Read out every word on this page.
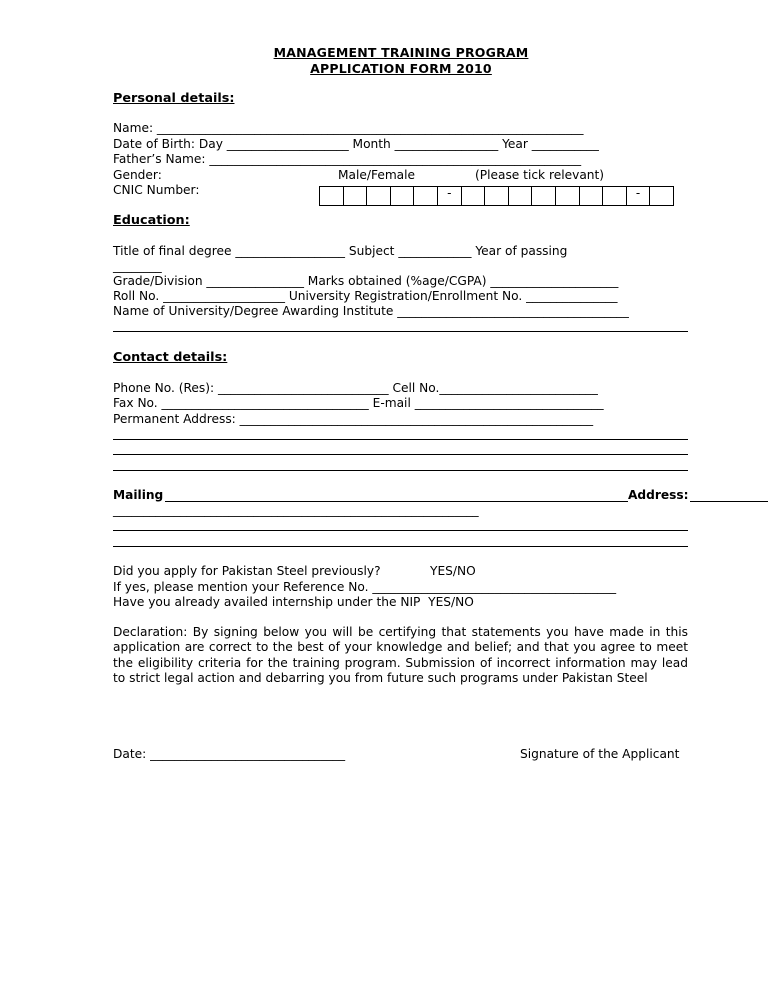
MANAGEMENT TRAINING PROGRAM
APPLICATION FORM 2010
Personal details:
Name: ______________________________________________________________________
Date of Birth: Day ____________________ Month _________________ Year ___________
Father’s Name: _____________________________________________________________
Gender:	Male/Female	(Please tick relevant)
CNIC Number:	-	-
Education:
Title of final degree __________________ Subject ____________ Year of passing
________
Grade/Division ________________ Marks obtained (%age/CGPA) _____________________
Roll No. ____________________ University Registration/Enrollment No. _______________
Name of University/Degree Awarding Institute ______________________________________
Contact details:
Phone No. (Res): ____________________________ Cell No.__________________________
Fax No. __________________________________ E-mail _______________________________
Permanent Address: __________________________________________________________
Mailing	Address:
____________________________________________________________
Did you apply for Pakistan Steel previously?	YES/NO
If yes, please mention your Reference No. ________________________________________
Have you already availed internship under the NIP  YES/NO
Declaration: By signing below you will be certifying that statements you have made in this application are correct to the best of your knowledge and belief; and that you agree to meet the eligibility criteria for the training program. Submission of incorrect information may lead to strict legal action and debarring you from future such programs under Pakistan Steel
Date: ________________________________	Signature of the Applicant
